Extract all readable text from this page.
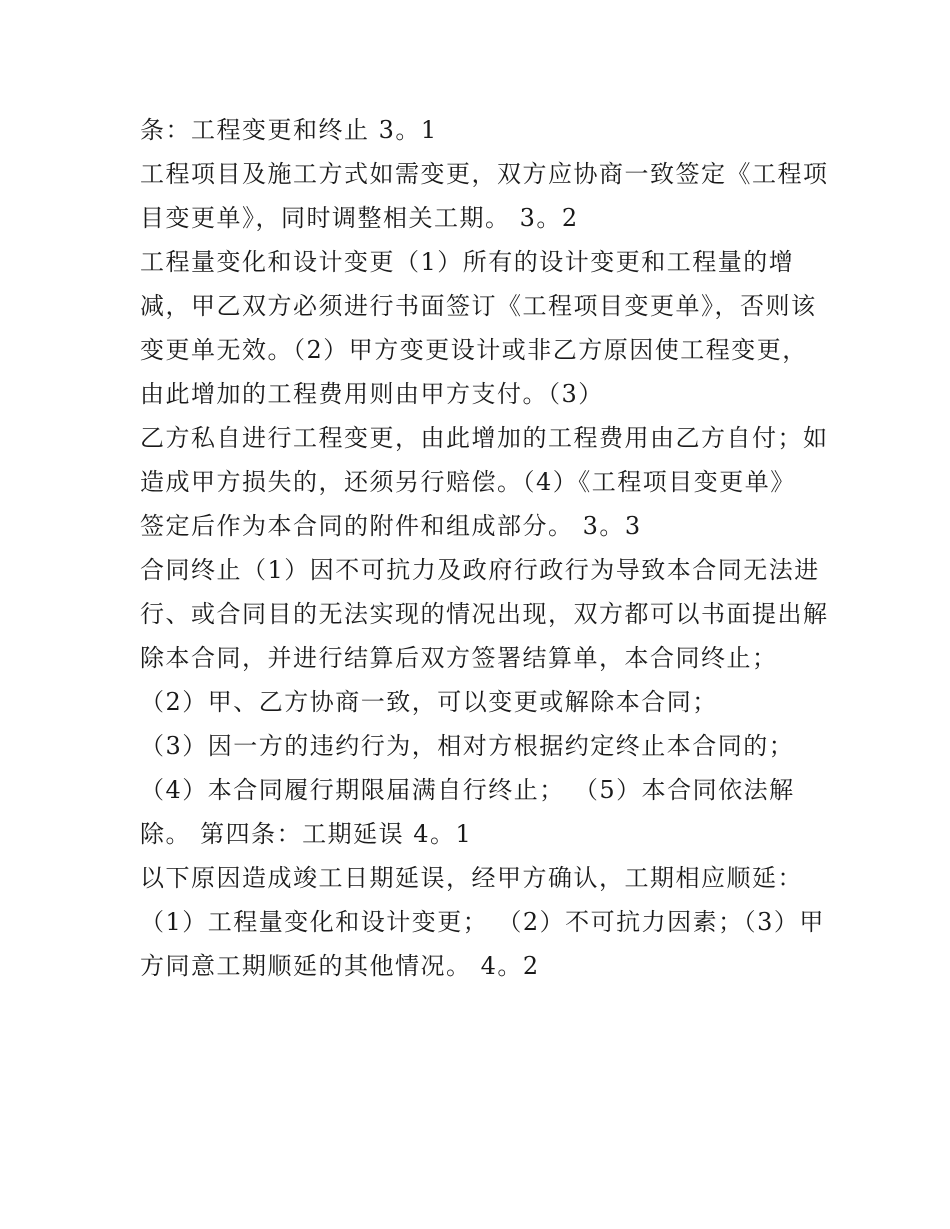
条：工程变更和终止 3。1
工程项目及施工方式如需变更，双方应协商一致签定《工程项
目变更单》，同时调整相关工期。 3。2
工程量变化和设计变更（1）所有的设计变更和工程量的增
减，甲乙双方必须进行书面签订《工程项目变更单》，否则该
变更单无效。（2）甲方变更设计或非乙方原因使工程变更，
由此增加的工程费用则由甲方支付。（3）
乙方私自进行工程变更，由此增加的工程费用由乙方自付；如
造成甲方损失的，还须另行赔偿。（4）《工程项目变更单》
签定后作为本合同的附件和组成部分。 3。3
合同终止（1）因不可抗力及政府行政行为导致本合同无法进
行、或合同目的无法实现的情况出现，双方都可以书面提出解
除本合同，并进行结算后双方签署结算单，本合同终止；
（2）甲、乙方协商一致，可以变更或解除本合同；
（3）因一方的违约行为，相对方根据约定终止本合同的；
（4）本合同履行期限届满自行终止； （5）本合同依法解
除。 第四条：工期延误 4。1
以下原因造成竣工日期延误，经甲方确认，工期相应顺延：
（1）工程量变化和设计变更； （2）不可抗力因素；（3）甲
方同意工期顺延的其他情况。 4。2
